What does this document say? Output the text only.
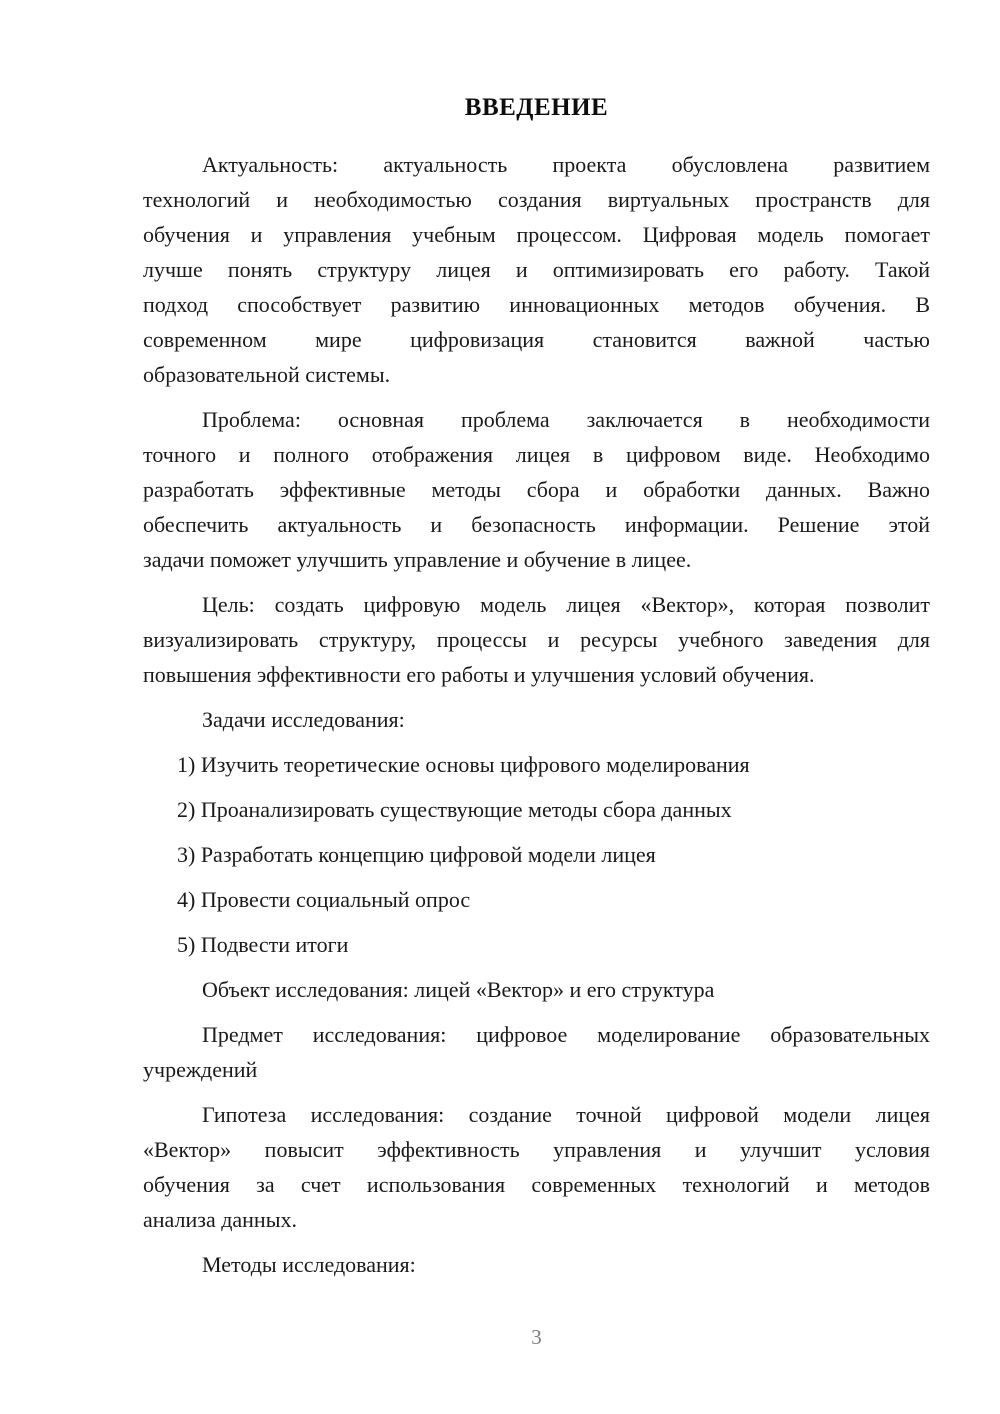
ВВЕДЕНИЕ
Актуальность: актуальность проекта обусловлена развитием
технологий и необходимостью создания виртуальных пространств для
обучения и управления учебным процессом. Цифровая модель помогает
лучше понять структуру лицея и оптимизировать его работу. Такой
подход способствует развитию инновационных методов обучения. В
современном мире цифровизация становится важной частью
образовательной системы.
Проблема: основная проблема заключается в необходимости
точного и полного отображения лицея в цифровом виде. Необходимо
разработать эффективные методы сбора и обработки данных. Важно
обеспечить актуальность и безопасность информации. Решение этой
задачи поможет улучшить управление и обучение в лицее.
Цель: создать цифровую модель лицея «Вектор», которая позволит
визуализировать структуру, процессы и ресурсы учебного заведения для
повышения эффективности его работы и улучшения условий обучения.
Задачи исследования:
1) Изучить теоретические основы цифрового моделирования
2) Проанализировать существующие методы сбора данных
3) Разработать концепцию цифровой модели лицея
4) Провести социальный опрос
5) Подвести итоги
Объект исследования: лицей «Вектор» и его структура
Предмет исследования: цифровое моделирование образовательных
учреждений
Гипотеза исследования: создание точной цифровой модели лицея
«Вектор» повысит эффективность управления и улучшит условия
обучения за счет использования современных технологий и методов
анализа данных.
Методы исследования:
3
